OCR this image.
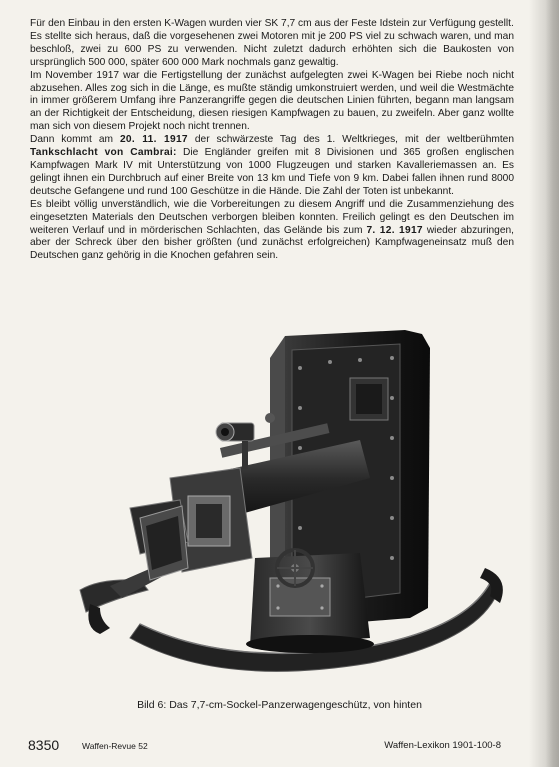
Für den Einbau in den ersten K-Wagen wurden vier SK 7,7 cm aus der Feste Idstein zur Verfügung gestellt.

Es stellte sich heraus, daß die vorgesehenen zwei Motoren mit je 200 PS viel zu schwach waren, und man beschloß, zwei zu 600 PS zu verwenden. Nicht zuletzt dadurch erhöhten sich die Baukosten von ursprünglich 500 000, später 600 000 Mark nochmals ganz gewaltig.

Im November 1917 war die Fertigstellung der zunächst aufgelegten zwei K-Wagen bei Riebe noch nicht abzusehen. Alles zog sich in die Länge, es mußte ständig umkonstruiert werden, und weil die Westmächte in immer größerem Umfang ihre Panzerangriffe gegen die deutschen Linien führten, begann man langsam an der Richtigkeit der Entscheidung, diesen riesigen Kampfwagen zu bauen, zu zweifeln. Aber ganz wollte man sich von diesem Projekt noch nicht trennen.

Dann kommt am 20. 11. 1917 der schwärzeste Tag des 1. Weltkrieges, mit der weltberühmten Tankschlacht von Cambrai: Die Engländer greifen mit 8 Divisionen und 365 großen englischen Kampfwagen Mark IV mit Unterstützung von 1000 Flugzeugen und starken Kavalleriemassen an. Es gelingt ihnen ein Durchbruch auf einer Breite von 13 km und Tiefe von 9 km. Dabei fallen ihnen rund 8000 deutsche Gefangene und rund 100 Geschütze in die Hände. Die Zahl der Toten ist unbekannt.

Es bleibt völlig unverständlich, wie die Vorbereitungen zu diesem Angriff und die Zusammenziehung des eingesetzten Materials den Deutschen verborgen bleiben konnten. Freilich gelingt es den Deutschen im weiteren Verlauf und in mörderischen Schlachten, das Gelände bis zum 7. 12. 1917 wieder abzuringen, aber der Schreck über den bisher größten (und zunächst erfolgreichen) Kampfwageneinsatz muß den Deutschen ganz gehörig in die Knochen gefahren sein.

Bild 6: Das 7,7-cm-Sockel-Panzerwagengeschütz, von hinten
8350	Waffen-Revue 52	Waffen-Lexikon 1901-100-8
